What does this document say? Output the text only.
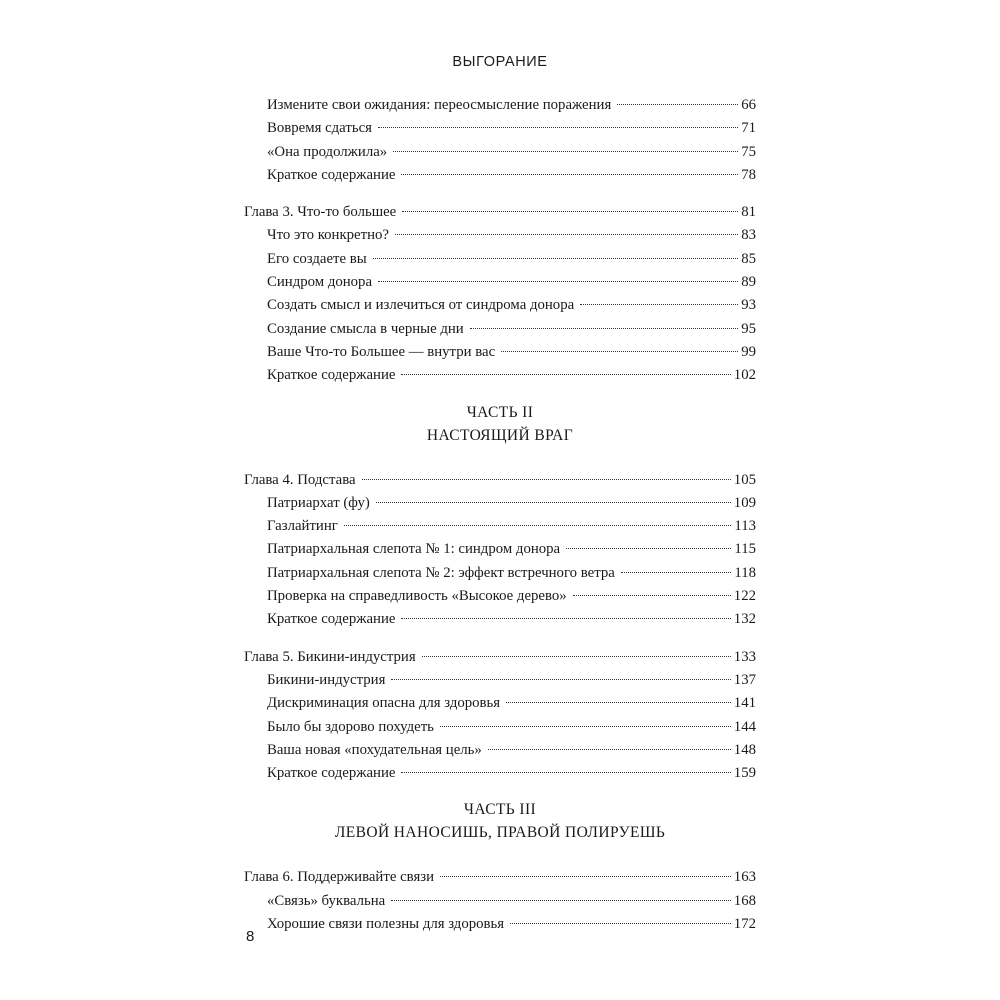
ВЫГОРАНИЕ
Измените свои ожидания: переосмысление поражения	66
Вовремя сдаться	71
«Она продолжила»	75
Краткое содержание	78
Глава 3. Что-то большее	81
Что это конкретно?	83
Его создаете вы	85
Синдром донора	89
Создать смысл и излечиться от синдрома донора	93
Создание смысла в черные дни	95
Ваше Что-то Большее — внутри вас	99
Краткое содержание	102
ЧАСТЬ II
НАСТОЯЩИЙ ВРАГ
Глава 4. Подстава	105
Патриархат (фу)	109
Газлайтинг	113
Патриархальная слепота № 1: синдром донора	115
Патриархальная слепота № 2: эффект встречного ветра	118
Проверка на справедливость «Высокое дерево»	122
Краткое содержание	132
Глава 5. Бикини-индустрия	133
Бикини-индустрия	137
Дискриминация опасна для здоровья	141
Было бы здорово похудеть	144
Ваша новая «похудательная цель»	148
Краткое содержание	159
ЧАСТЬ III
ЛЕВОЙ НАНОСИШЬ, ПРАВОЙ ПОЛИРУЕШЬ
Глава 6. Поддерживайте связи	163
«Связь» буквальна	168
Хорошие связи полезны для здоровья	172
8
